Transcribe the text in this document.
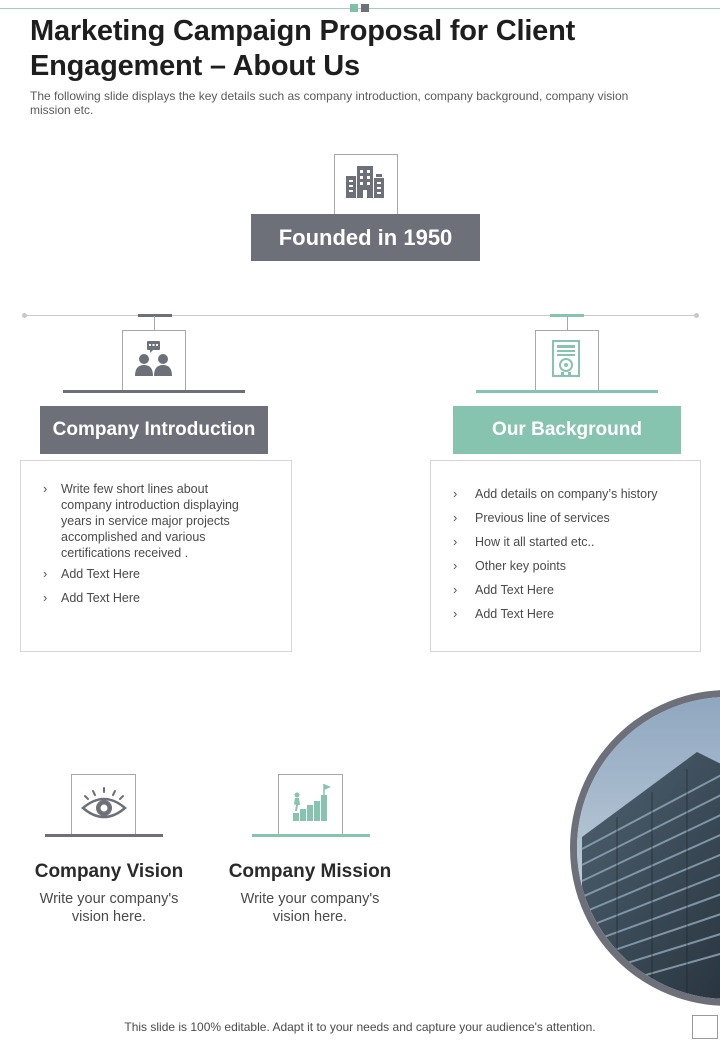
Marketing Campaign Proposal for Client Engagement – About Us

The following slide displays the key details such as company introduction, company background, company vision mission etc.

Founded in 1950
Company Introduction
› Write few short lines about company introduction displaying years in service major projects accomplished and various certifications received .
› Add Text Here
› Add Text Here
Our Background
› Add details on company’s history
› Previous line of services
› How it all started etc..
› Other key points
› Add Text Here
› Add Text Here
Company Vision
Write your company's vision here.
Company Mission
Write your company's vision here.
This slide is 100% editable. Adapt it to your needs and capture your audience's attention.
